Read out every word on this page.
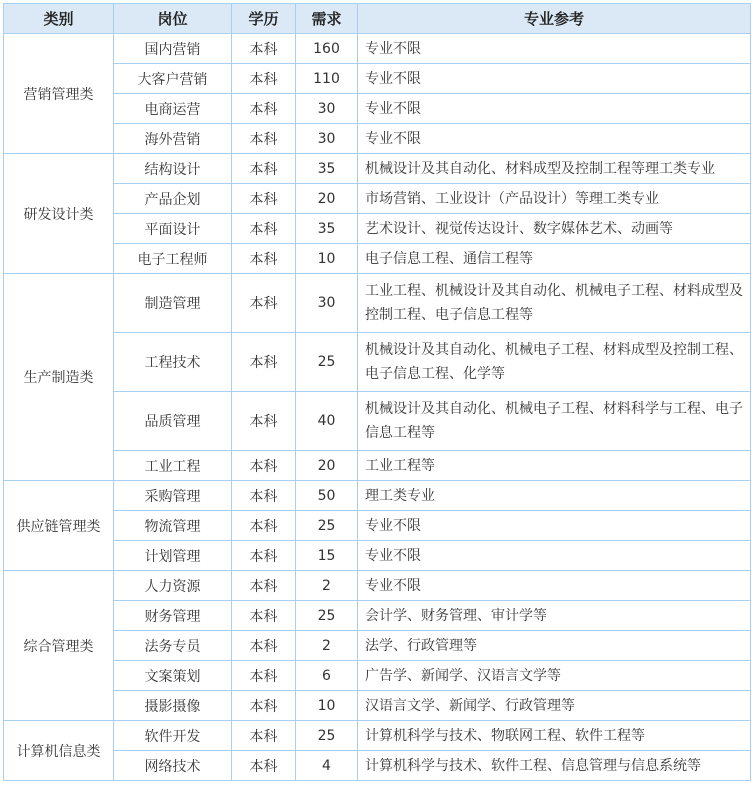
类别	岗位	学历	需求	专业参考
营销管理类	国内营销	本科	160	专业不限
	大客户营销	本科	110	专业不限
	电商运营	本科	30	专业不限
	海外营销	本科	30	专业不限
研发设计类	结构设计	本科	35	机械设计及其自动化、材料成型及控制工程等理工类专业
	产品企划	本科	20	市场营销、工业设计（产品设计）等理工类专业
	平面设计	本科	35	艺术设计、视觉传达设计、数字媒体艺术、动画等
	电子工程师	本科	10	电子信息工程、通信工程等
生产制造类	制造管理	本科	30	工业工程、机械设计及其自动化、机械电子工程、材料成型及控制工程、电子信息工程等
	工程技术	本科	25	机械设计及其自动化、机械电子工程、材料成型及控制工程、电子信息工程、化学等
	品质管理	本科	40	机械设计及其自动化、机械电子工程、材料科学与工程、电子信息工程等
	工业工程	本科	20	工业工程等
供应链管理类	采购管理	本科	50	理工类专业
	物流管理	本科	25	专业不限
	计划管理	本科	15	专业不限
综合管理类	人力资源	本科	2	专业不限
	财务管理	本科	25	会计学、财务管理、审计学等
	法务专员	本科	2	法学、行政管理等
	文案策划	本科	6	广告学、新闻学、汉语言文学等
	摄影摄像	本科	10	汉语言文学、新闻学、行政管理等
计算机信息类	软件开发	本科	25	计算机科学与技术、物联网工程、软件工程等
	网络技术	本科	4	计算机科学与技术、软件工程、信息管理与信息系统等
